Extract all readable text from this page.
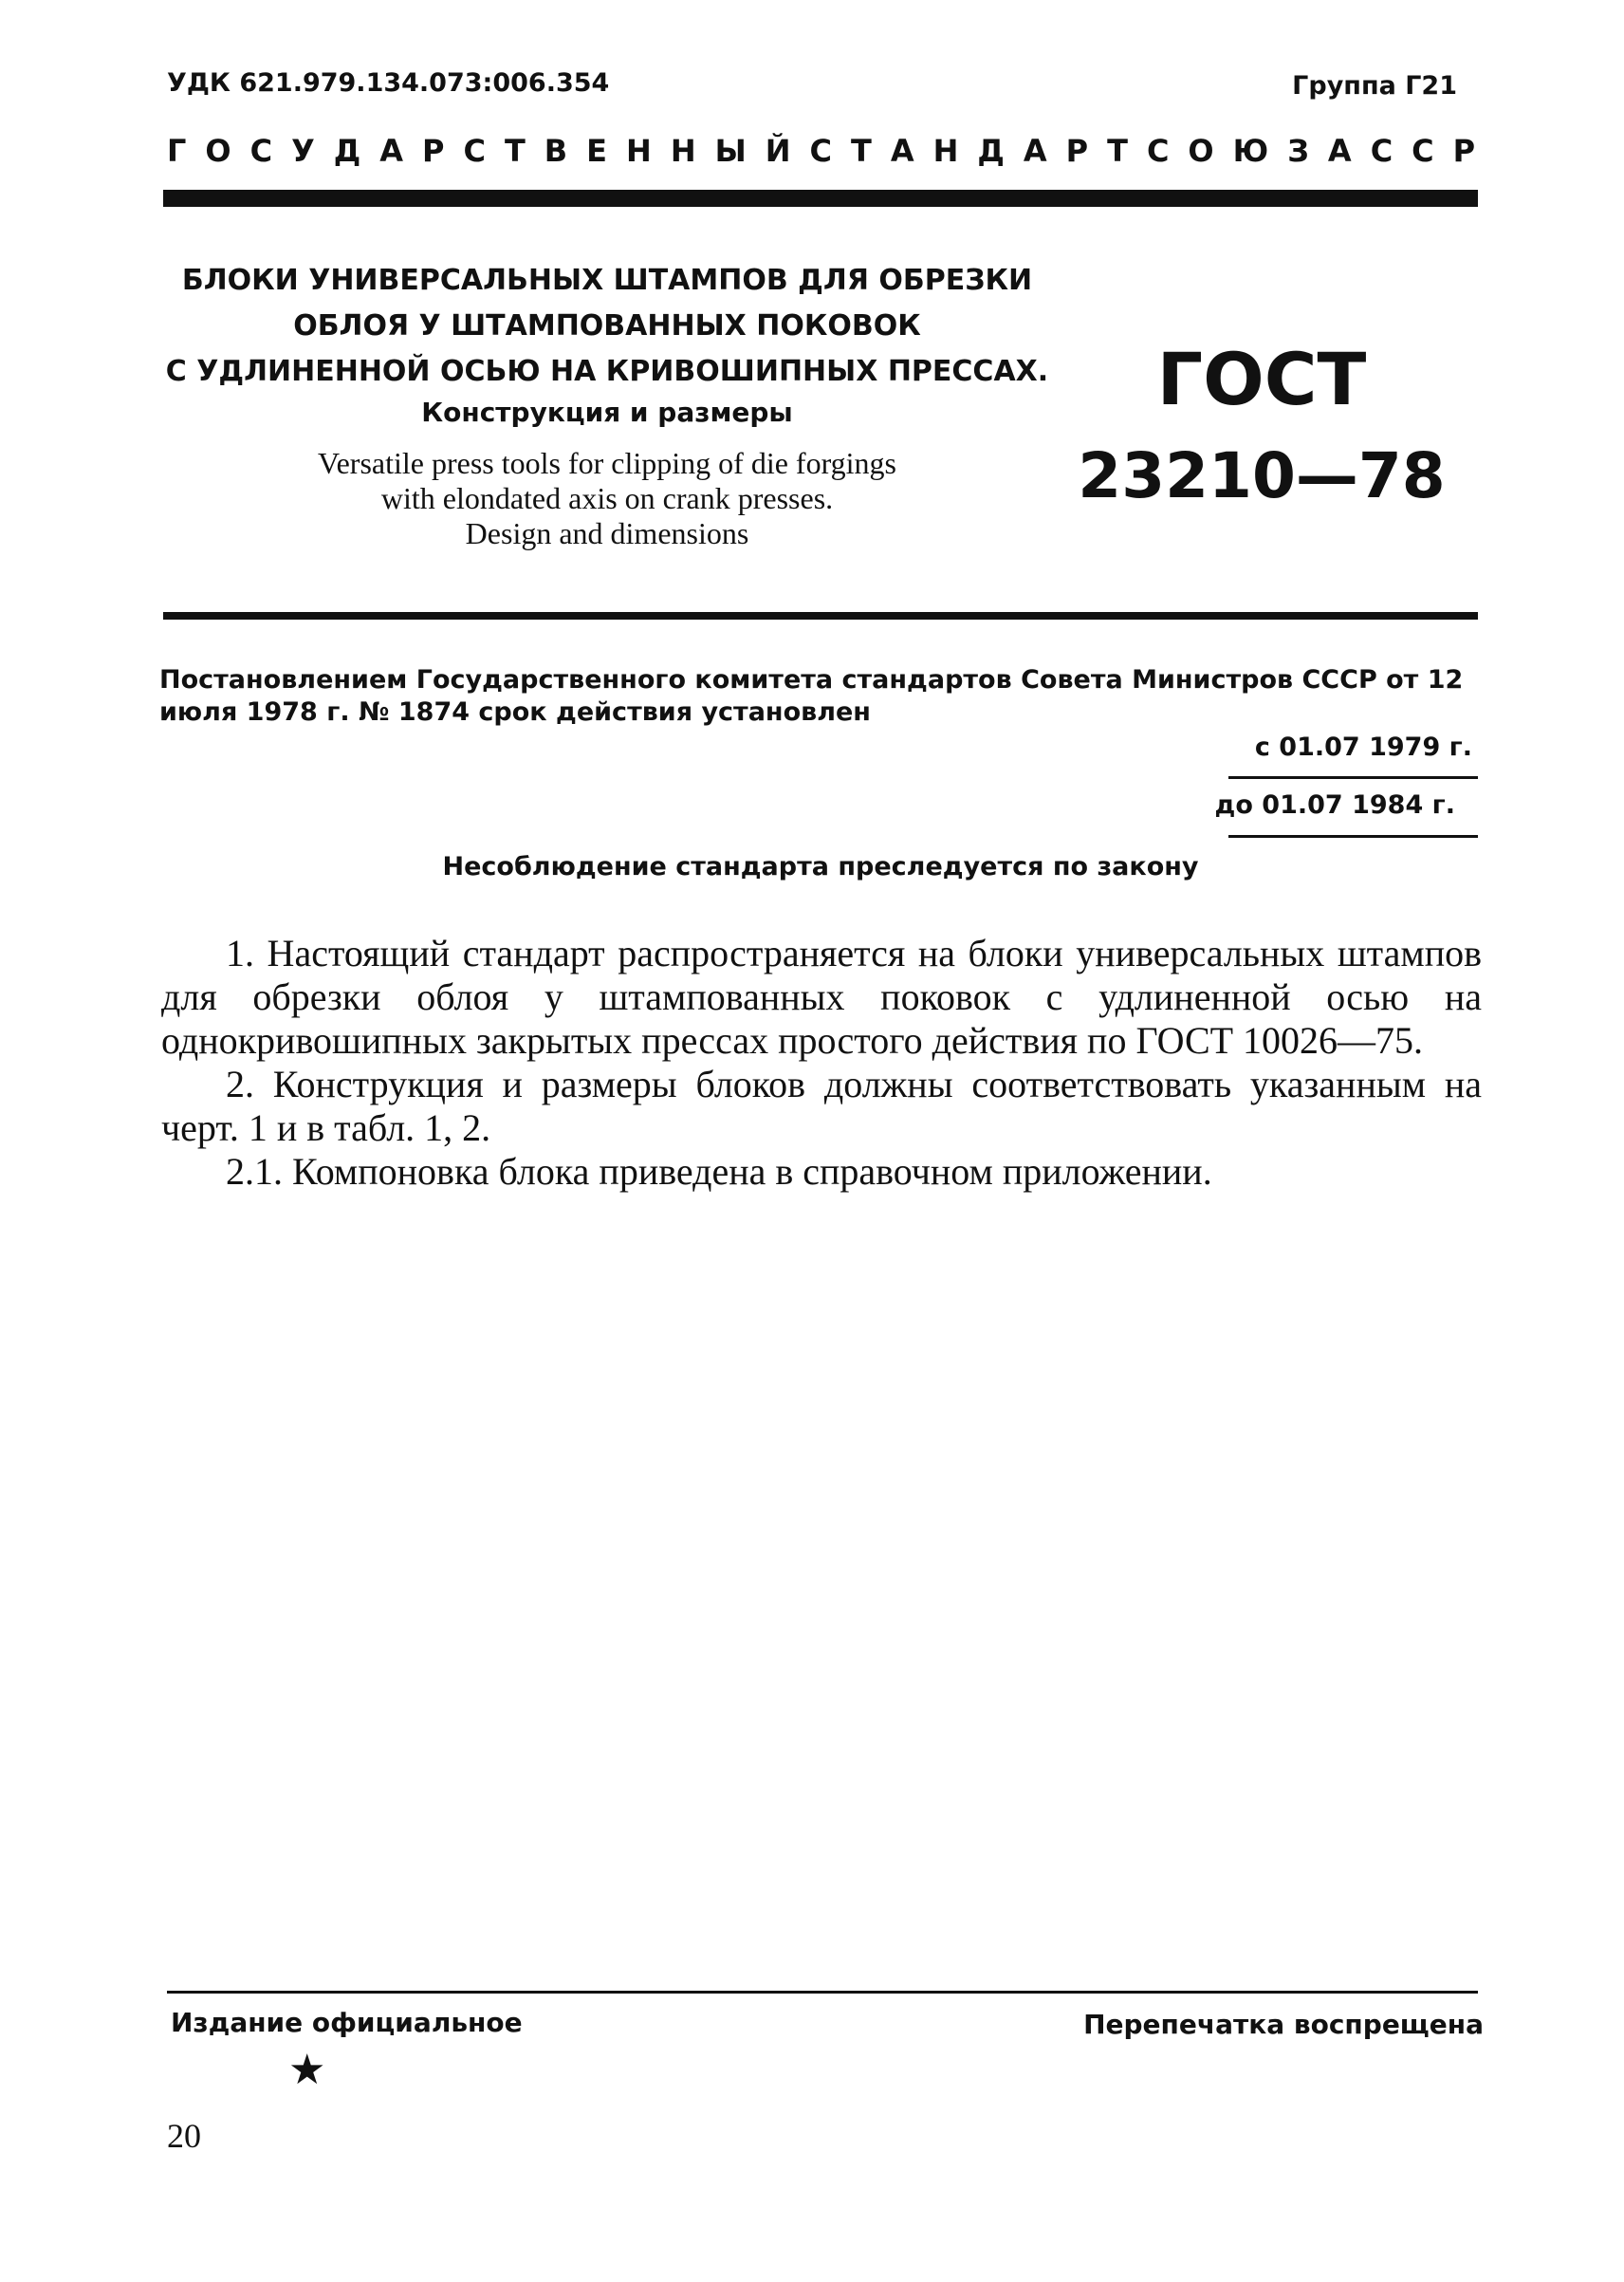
УДК 621.979.134.073:006.354	Группа Г21
ГОСУДАРСТВЕННЫЙ СТАНДАРТ СОЮЗА ССР
БЛОКИ УНИВЕРСАЛЬНЫХ ШТАМПОВ ДЛЯ ОБРЕЗКИ
ОБЛОЯ У ШТАМПОВАННЫХ ПОКОВОК
С УДЛИНЕННОЙ ОСЬЮ НА КРИВОШИПНЫХ ПРЕССАХ.
Конструкция и размеры
Versatile press tools for clipping of die forgings
with elondated axis on crank presses.
Design and dimensions
ГОСТ
23210—78
Постановлением Государственного комитета стандартов Совета Министров СССР от 12 июля 1978 г. № 1874 срок действия установлен
с 01.07 1979 г.
до 01.07 1984 г.
Несоблюдение стандарта преследуется по закону

1. Настоящий стандарт распространяется на блоки универсальных штампов для обрезки облоя у штампованных поковок с удлиненной осью на однокривошипных закрытых прессах простого действия по ГОСТ 10026—75.

2. Конструкция и размеры блоков должны соответствовать указанным на черт. 1 и в табл. 1, 2.

2.1. Компоновка блока приведена в справочном приложении.

Издание официальное	Перепечатка воспрещена
★
20
